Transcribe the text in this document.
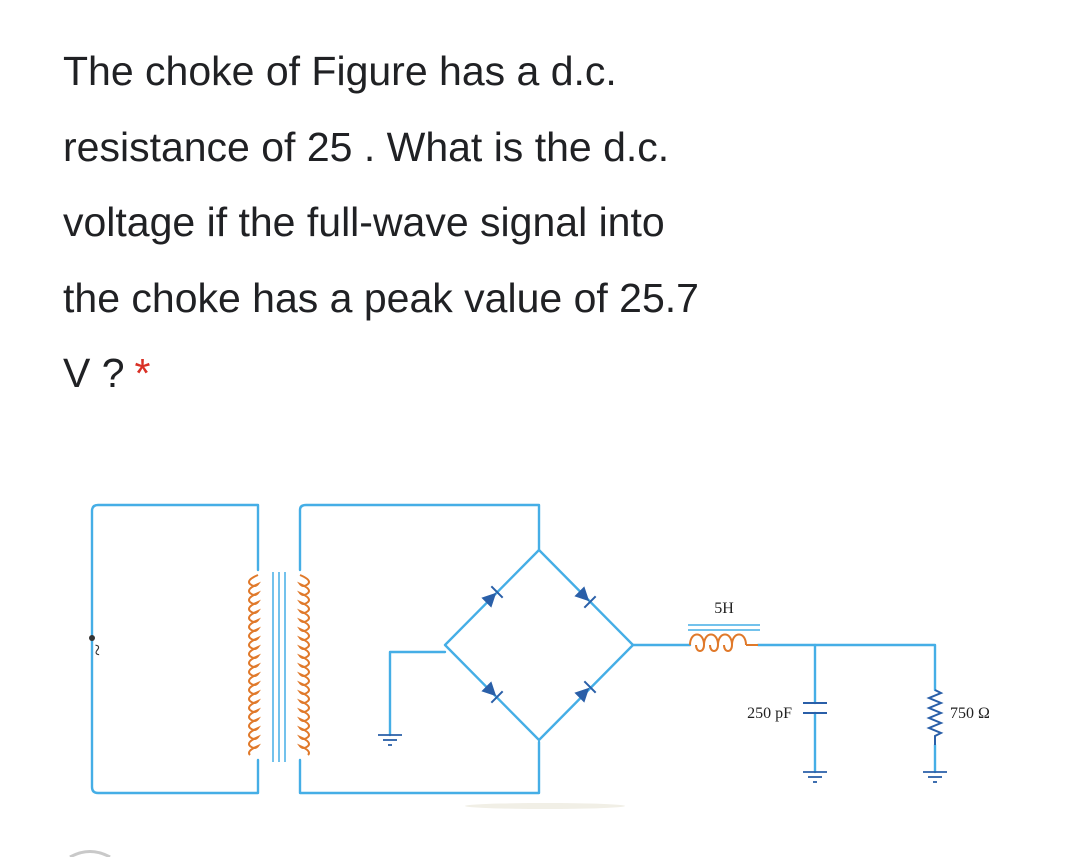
The choke of Figure has a d.c.
resistance of 25 . What is the d.c.
voltage if the full-wave signal into
the choke has a peak value of 25.7
V ? *
~
5H
250 pF	750 Ω
